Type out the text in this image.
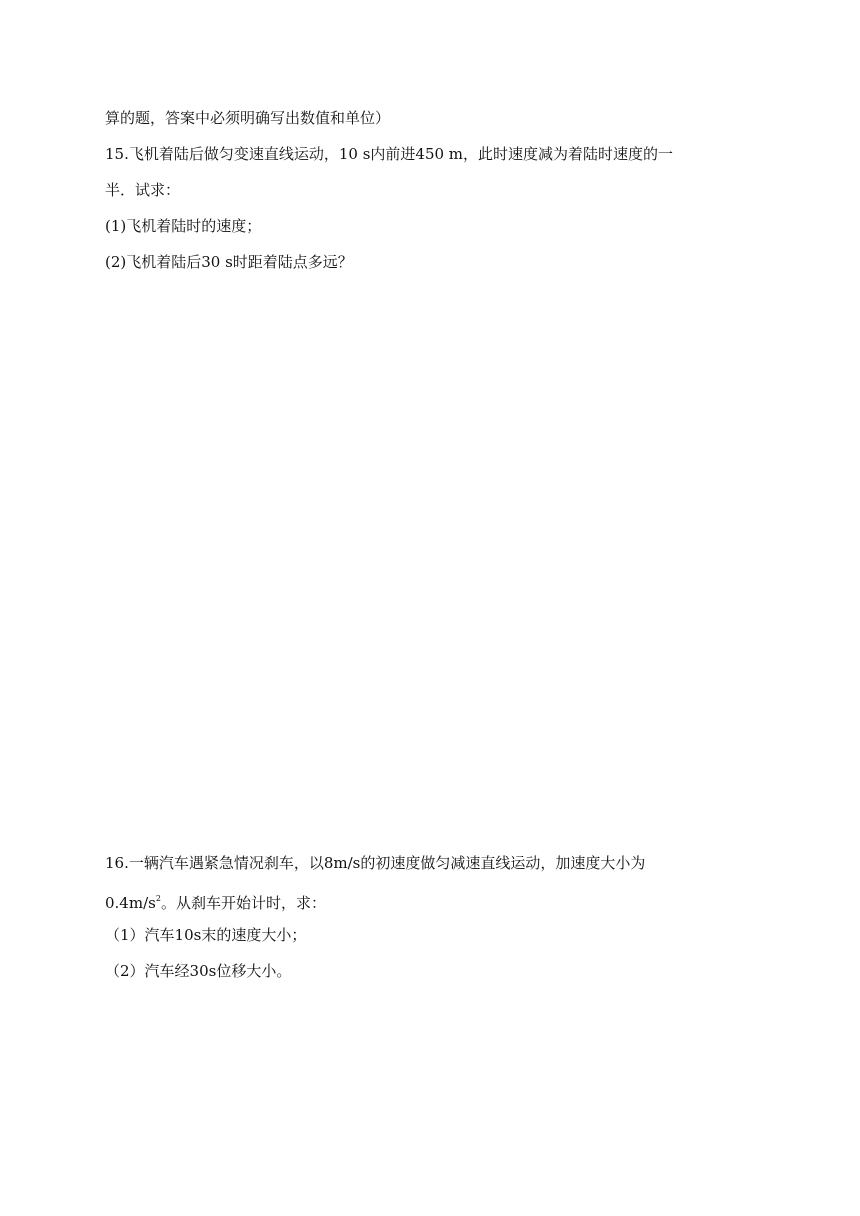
算的题，答案中必须明确写出数值和单位）
15.飞机着陆后做匀变速直线运动，10 s内前进450 m，此时速度减为着陆时速度的一
半．试求：
(1)飞机着陆时的速度；
(2)飞机着陆后30 s时距着陆点多远？
16.一辆汽车遇紧急情况刹车，以8m/s的初速度做匀减速直线运动，加速度大小为
$0.4m/s^2$。从刹车开始计时，求：
（1）汽车10s末的速度大小；
（2）汽车经30s位移大小。
